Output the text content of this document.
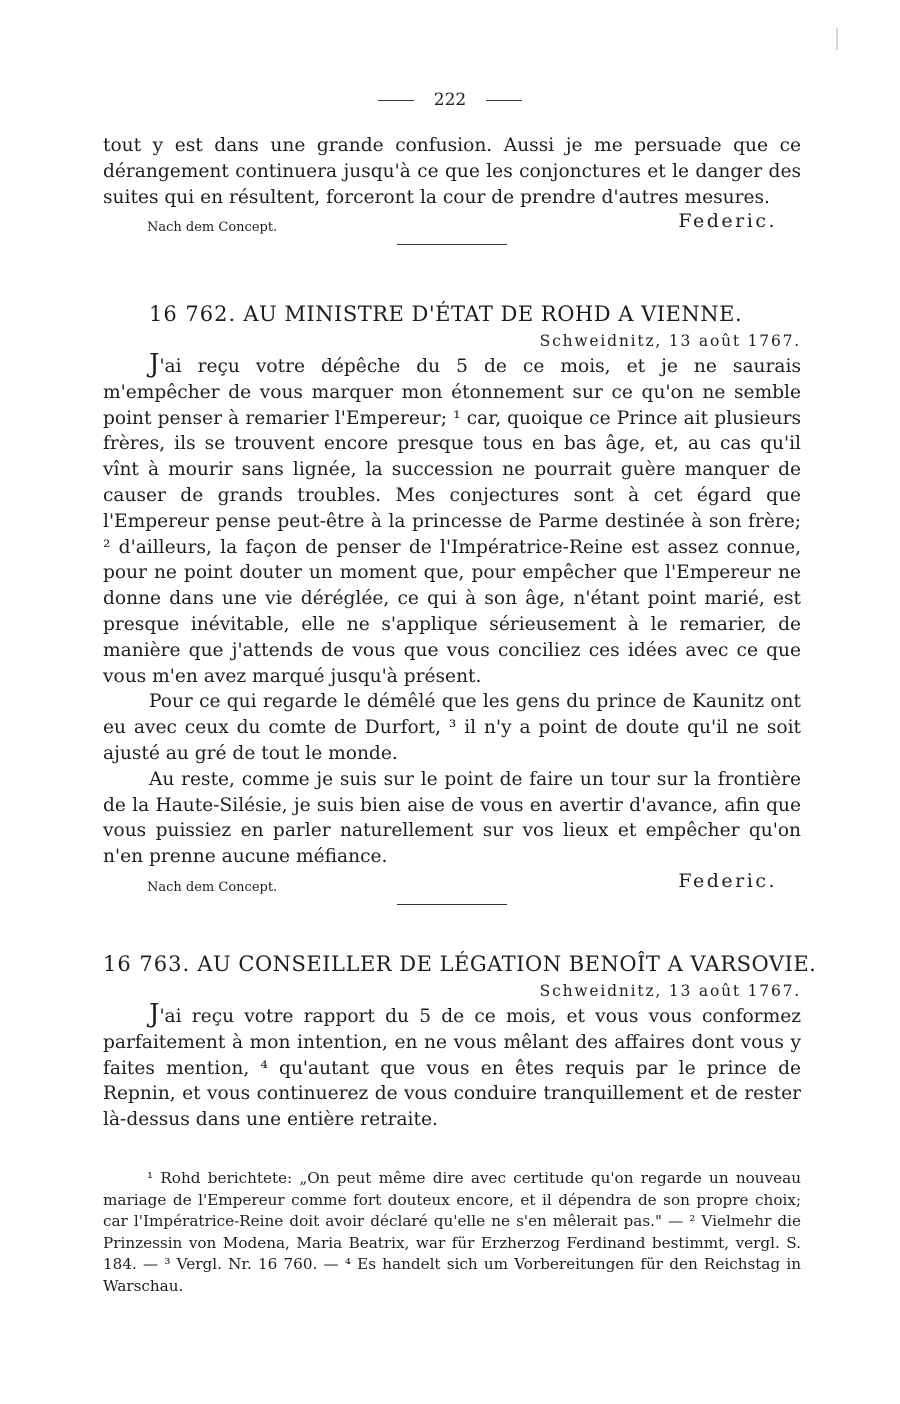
222

tout y est dans une grande confusion. Aussi je me persuade que ce dérangement continuera jusqu'à ce que les conjonctures et le danger des suites qui en résultent, forceront la cour de prendre d'autres mesures.

Nach dem Concept.	Federic.

16 762. AU MINISTRE D'ÉTAT DE ROHD A VIENNE.

Schweidnitz, 13 août 1767.

J'ai reçu votre dépêche du 5 de ce mois, et je ne saurais m'empêcher de vous marquer mon étonnement sur ce qu'on ne semble point penser à remarier l'Empereur; ¹ car, quoique ce Prince ait plusieurs frères, ils se trouvent encore presque tous en bas âge, et, au cas qu'il vînt à mourir sans lignée, la succession ne pourrait guère manquer de causer de grands troubles. Mes conjectures sont à cet égard que l'Empereur pense peut-être à la princesse de Parme destinée à son frère; ² d'ailleurs, la façon de penser de l'Impératrice-Reine est assez connue, pour ne point douter un moment que, pour empêcher que l'Empereur ne donne dans une vie déréglée, ce qui à son âge, n'étant point marié, est presque inévitable, elle ne s'applique sérieusement à le remarier, de manière que j'attends de vous que vous conciliez ces idées avec ce que vous m'en avez marqué jusqu'à présent.

Pour ce qui regarde le démêlé que les gens du prince de Kaunitz ont eu avec ceux du comte de Durfort, ³ il n'y a point de doute qu'il ne soit ajusté au gré de tout le monde.

Au reste, comme je suis sur le point de faire un tour sur la frontière de la Haute-Silésie, je suis bien aise de vous en avertir d'avance, afin que vous puissiez en parler naturellement sur vos lieux et empêcher qu'on n'en prenne aucune méfiance.

Nach dem Concept.	Federic.

16 763. AU CONSEILLER DE LÉGATION BENOÎT A VARSOVIE.

Schweidnitz, 13 août 1767.

J'ai reçu votre rapport du 5 de ce mois, et vous vous conformez parfaitement à mon intention, en ne vous mêlant des affaires dont vous y faites mention, ⁴ qu'autant que vous en êtes requis par le prince de Repnin, et vous continuerez de vous conduire tranquillement et de rester là-dessus dans une entière retraite.

¹ Rohd berichtete: „On peut même dire avec certitude qu'on regarde un nouveau mariage de l'Empereur comme fort douteux encore, et il dépendra de son propre choix; car l'Impératrice-Reine doit avoir déclaré qu'elle ne s'en mêlerait pas." — ² Vielmehr die Prinzessin von Modena, Maria Beatrix, war für Erzherzog Ferdinand bestimmt, vergl. S. 184. — ³ Vergl. Nr. 16 760. — ⁴ Es handelt sich um Vorbereitungen für den Reichstag in Warschau.
